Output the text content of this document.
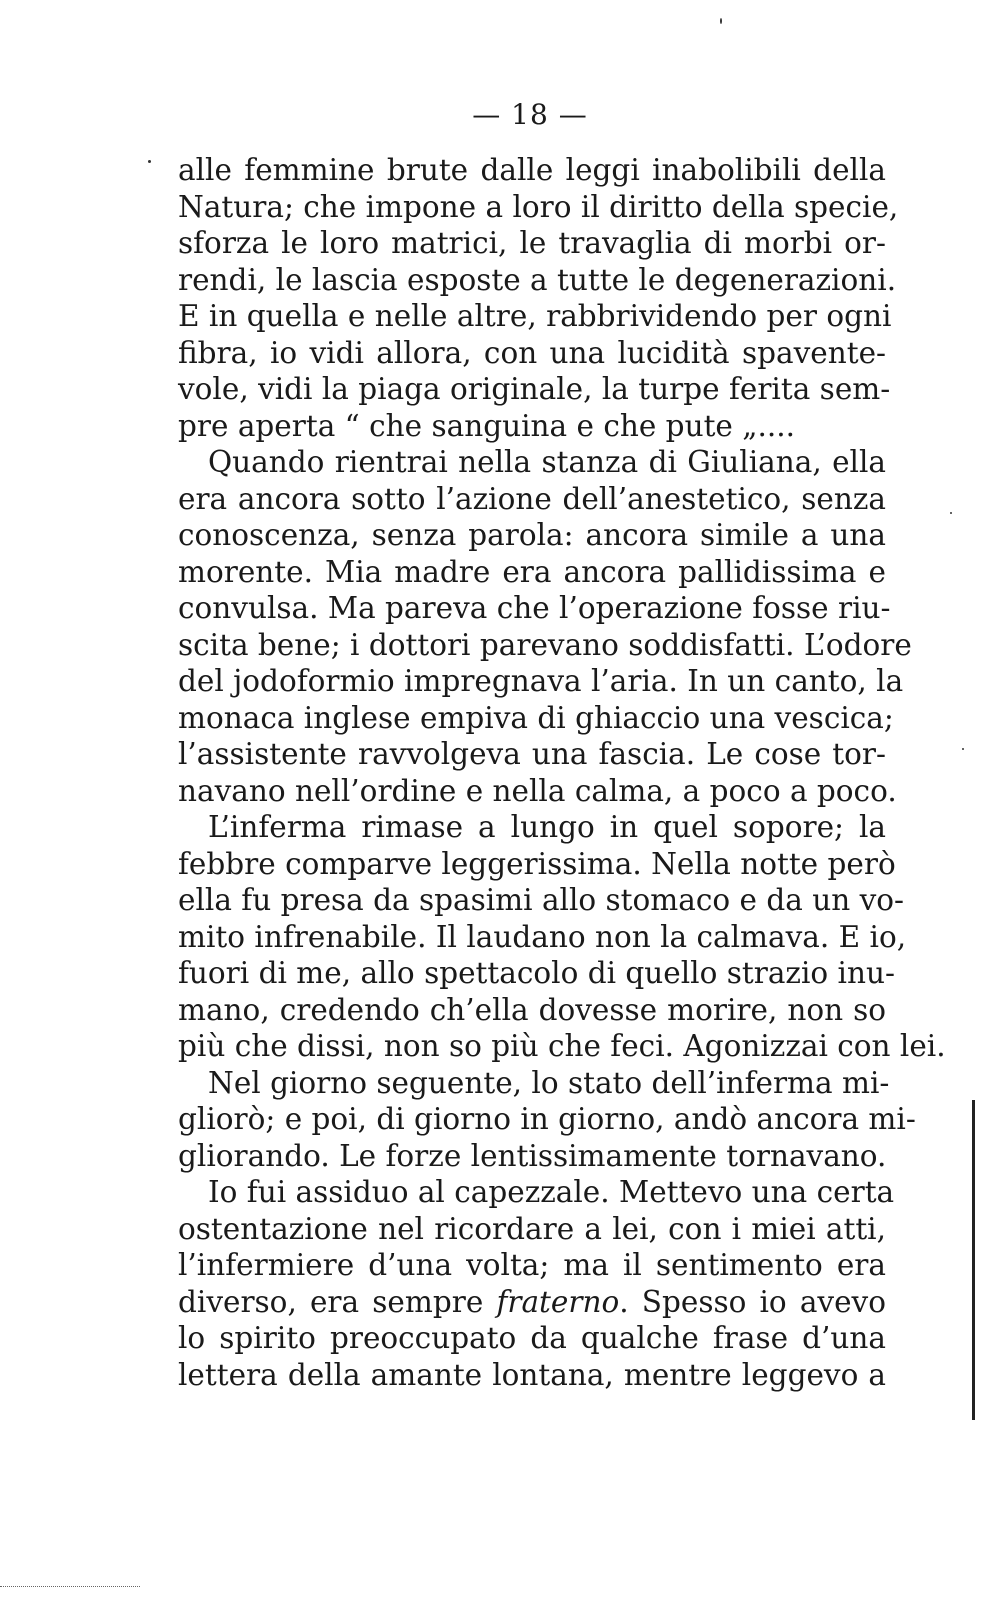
— 18 —
alle femmine brute dalle leggi inabolibili della
Natura; che impone a loro il diritto della specie,
sforza le loro matrici, le travaglia di morbi or-
rendi, le lascia esposte a tutte le degenerazioni.
E in quella e nelle altre, rabbrividendo per ogni
fibra, io vidi allora, con una lucidità spavente-
vole, vidi la piaga originale, la turpe ferita sem-
pre aperta “ che sanguina e che pute „....
Quando rientrai nella stanza di Giuliana, ella
era ancora sotto l’azione dell’anestetico, senza
conoscenza, senza parola: ancora simile a una
morente. Mia madre era ancora pallidissima e
convulsa. Ma pareva che l’operazione fosse riu-
scita bene; i dottori parevano soddisfatti. L’odore
del jodoformio impregnava l’aria. In un canto, la
monaca inglese empiva di ghiaccio una vescica;
l’assistente ravvolgeva una fascia. Le cose tor-
navano nell’ordine e nella calma, a poco a poco.
L’inferma rimase a lungo in quel sopore; la
febbre comparve leggerissima. Nella notte però
ella fu presa da spasimi allo stomaco e da un vo-
mito infrenabile. Il laudano non la calmava. E io,
fuori di me, allo spettacolo di quello strazio inu-
mano, credendo ch’ella dovesse morire, non so
più che dissi, non so più che feci. Agonizzai con lei.
Nel giorno seguente, lo stato dell’inferma mi-
gliorò; e poi, di giorno in giorno, andò ancora mi-
gliorando. Le forze lentissimamente tornavano.
Io fui assiduo al capezzale. Mettevo una certa
ostentazione nel ricordare a lei, con i miei atti,
l’infermiere d’una volta; ma il sentimento era
diverso, era sempre fraterno. Spesso io avevo
lo spirito preoccupato da qualche frase d’una
lettera della amante lontana, mentre leggevo a
